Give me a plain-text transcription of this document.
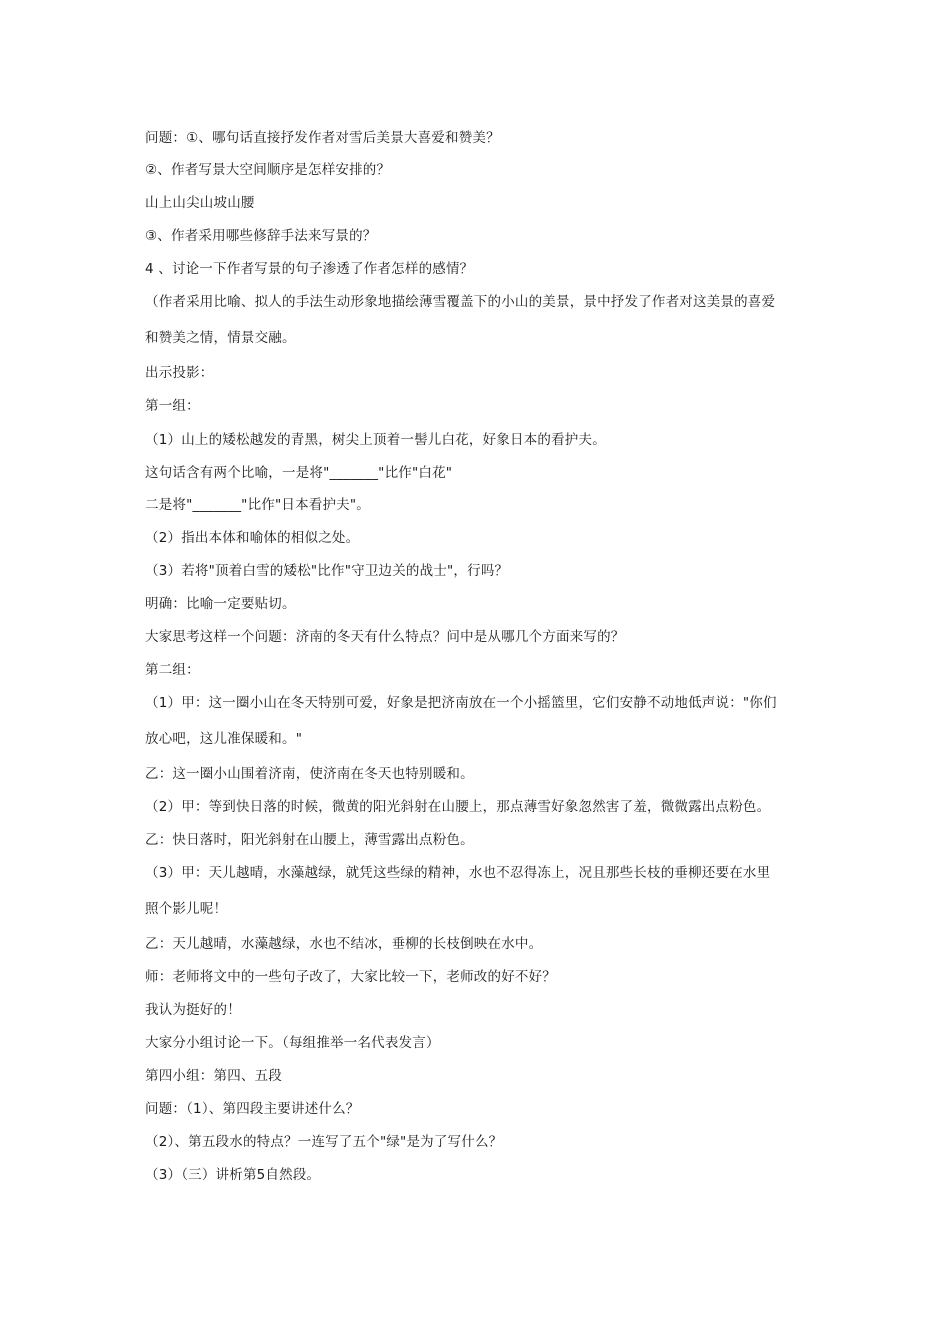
问题：①、哪句话直接抒发作者对雪后美景大喜爱和赞美？
②、作者写景大空间顺序是怎样安排的？
山上山尖山坡山腰
③、作者采用哪些修辞手法来写景的？
4 、讨论一下作者写景的句子渗透了作者怎样的感情？
（作者采用比喻、拟人的手法生动形象地描绘薄雪覆盖下的小山的美景，景中抒发了作者对这美景的喜爱
和赞美之情，情景交融。
出示投影：
第一组：
（1）山上的矮松越发的青黑，树尖上顶着一髻儿白花，好象日本的看护夫。
这句话含有两个比喻，一是将"_______"比作"白花"
二是将"_______"比作"日本看护夫"。
（2）指出本体和喻体的相似之处。
（3）若将"顶着白雪的矮松"比作"守卫边关的战士"，行吗？
明确：比喻一定要贴切。
大家思考这样一个问题：济南的冬天有什么特点？问中是从哪几个方面来写的？
第二组：
（1）甲：这一圈小山在冬天特别可爱，好象是把济南放在一个小摇篮里，它们安静不动地低声说："你们
放心吧，这儿准保暖和。"
乙：这一圈小山围着济南，使济南在冬天也特别暖和。
（2）甲：等到快日落的时候，微黄的阳光斜射在山腰上，那点薄雪好象忽然害了羞，微微露出点粉色。
乙：快日落时，阳光斜射在山腰上，薄雪露出点粉色。
（3）甲：天儿越晴，水藻越绿，就凭这些绿的精神，水也不忍得冻上，况且那些长枝的垂柳还要在水里
照个影儿呢！
乙：天儿越晴，水藻越绿，水也不结冰，垂柳的长枝倒映在水中。
师：老师将文中的一些句子改了，大家比较一下，老师改的好不好？
我认为挺好的！
大家分小组讨论一下。（每组推举一名代表发言）
第四小组：第四、五段
问题：（1）、第四段主要讲述什么？
（2）、第五段水的特点？一连写了五个"绿"是为了写什么？
（3）（三）讲析第5自然段。
